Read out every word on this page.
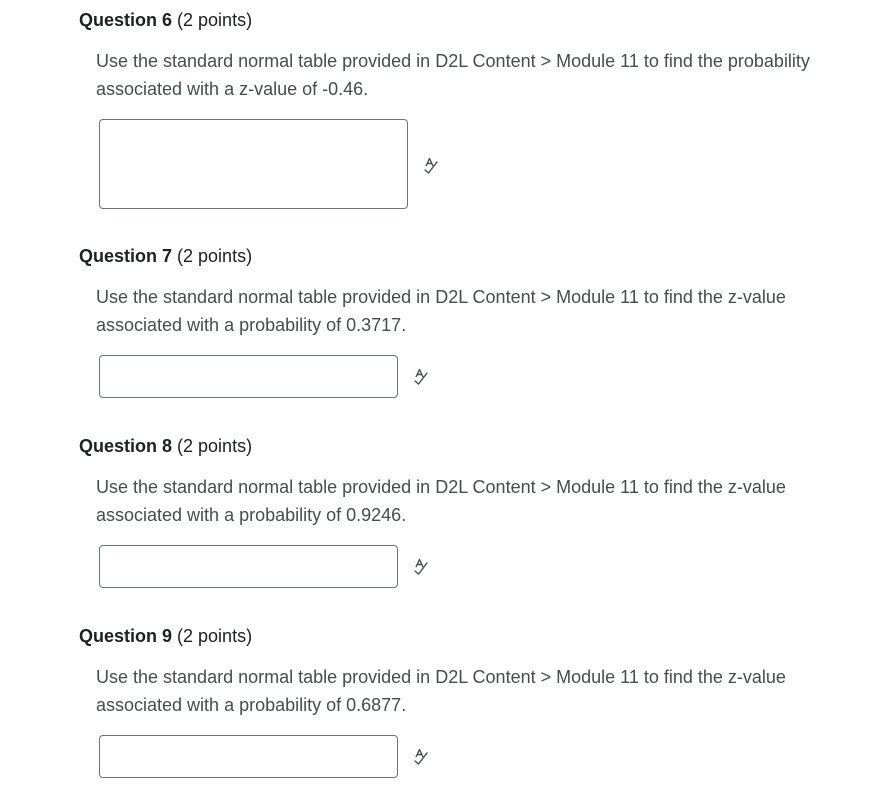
Question 6 (2 points)
Use the standard normal table provided in D2L Content > Module 11 to find the probability associated with a z-value of -0.46.
Question 7 (2 points)
Use the standard normal table provided in D2L Content > Module 11 to find the z-value associated with a probability of 0.3717.
Question 8 (2 points)
Use the standard normal table provided in D2L Content > Module 11 to find the z-value associated with a probability of 0.9246.
Question 9 (2 points)
Use the standard normal table provided in D2L Content > Module 11 to find the z-value associated with a probability of 0.6877.
